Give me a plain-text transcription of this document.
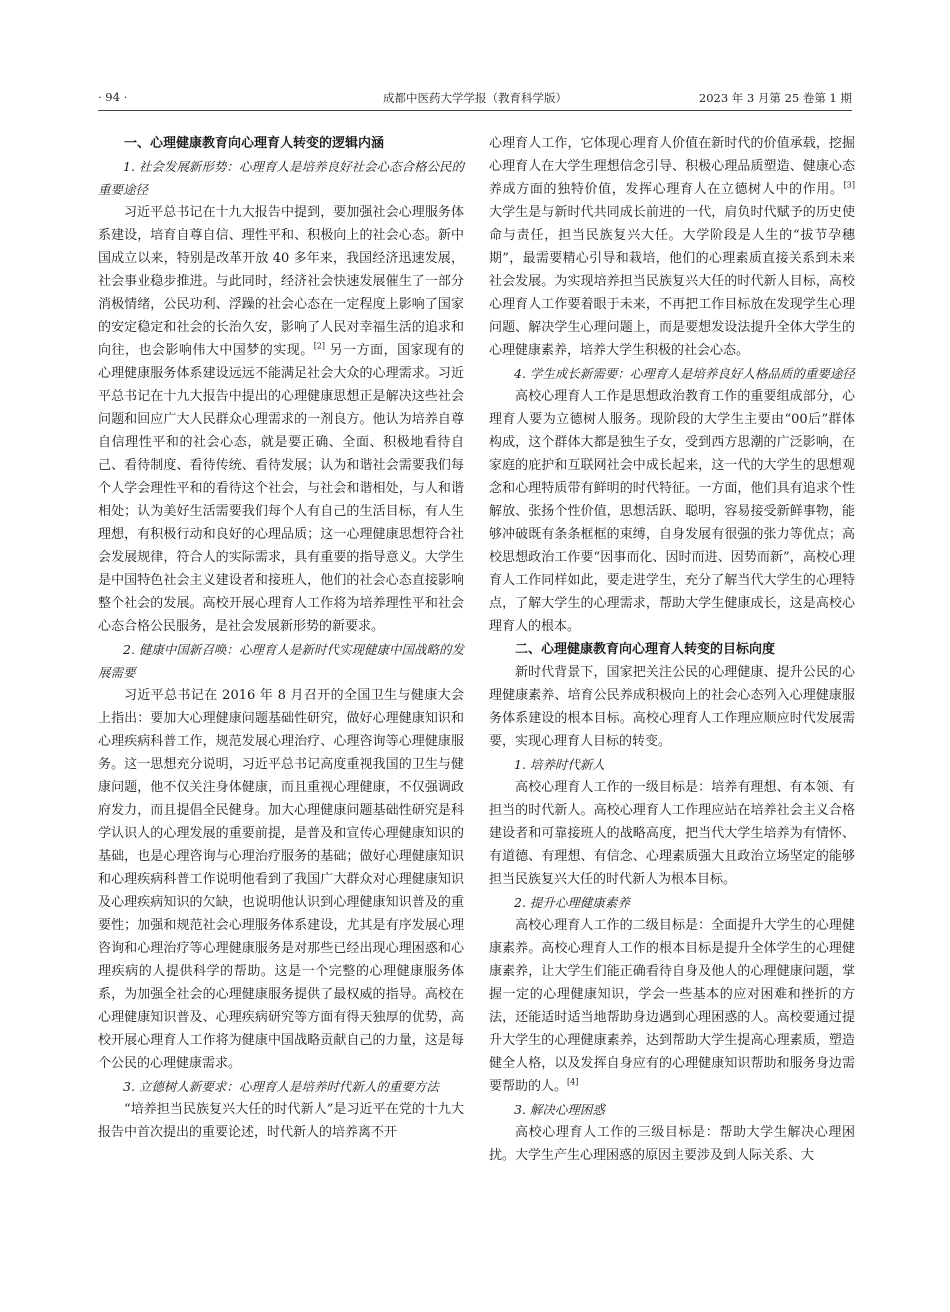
· 94 ·	成都中医药大学学报（教育科学版）	2023 年 3 月第 25 卷第 1 期
一、心理健康教育向心理育人转变的逻辑内涵
1. 社会发展新形势：心理育人是培养良好社会心态合格公民的重要途径

习近平总书记在十九大报告中提到，要加强社会心理服务体系建设，培育自尊自信、理性平和、积极向上的社会心态。新中国成立以来，特别是改革开放 40 多年来，我国经济迅速发展，社会事业稳步推进。与此同时，经济社会快速发展催生了一部分消极情绪，公民功利、浮躁的社会心态在一定程度上影响了国家的安定稳定和社会的长治久安，影响了人民对幸福生活的追求和向往，也会影响伟大中国梦的实现。[2] 另一方面，国家现有的心理健康服务体系建设远远不能满足社会大众的心理需求。习近平总书记在十九大报告中提出的心理健康思想正是解决这些社会问题和回应广大人民群众心理需求的一剂良方。他认为培养自尊自信理性平和的社会心态，就是要正确、全面、积极地看待自己、看待制度、看待传统、看待发展；认为和谐社会需要我们每个人学会理性平和的看待这个社会，与社会和谐相处，与人和谐相处；认为美好生活需要我们每个人有自己的生活目标，有人生理想，有积极行动和良好的心理品质；这一心理健康思想符合社会发展规律，符合人的实际需求，具有重要的指导意义。大学生是中国特色社会主义建设者和接班人，他们的社会心态直接影响整个社会的发展。高校开展心理育人工作将为培养理性平和社会心态合格公民服务，是社会发展新形势的新要求。

2. 健康中国新召唤：心理育人是新时代实现健康中国战略的发展需要

习近平总书记在 2016 年 8 月召开的全国卫生与健康大会上指出：要加大心理健康问题基础性研究，做好心理健康知识和心理疾病科普工作，规范发展心理治疗、心理咨询等心理健康服务。这一思想充分说明，习近平总书记高度重视我国的卫生与健康问题，他不仅关注身体健康，而且重视心理健康，不仅强调政府发力，而且提倡全民健身。加大心理健康问题基础性研究是科学认识人的心理发展的重要前提，是普及和宣传心理健康知识的基础，也是心理咨询与心理治疗服务的基础；做好心理健康知识和心理疾病科普工作说明他看到了我国广大群众对心理健康知识及心理疾病知识的欠缺，也说明他认识到心理健康知识普及的重要性；加强和规范社会心理服务体系建设，尤其是有序发展心理咨询和心理治疗等心理健康服务是对那些已经出现心理困惑和心理疾病的人提供科学的帮助。这是一个完整的心理健康服务体系，为加强全社会的心理健康服务提供了最权威的指导。高校在心理健康知识普及、心理疾病研究等方面有得天独厚的优势，高校开展心理育人工作将为健康中国战略贡献自己的力量，这是每个公民的心理健康需求。

3. 立德树人新要求：心理育人是培养时代新人的重要方法

“培养担当民族复兴大任的时代新人”是习近平在党的十九大报告中首次提出的重要论述，时代新人的培养离不开

心理育人工作，它体现心理育人价值在新时代的价值承载，挖掘心理育人在大学生理想信念引导、积极心理品质塑造、健康心态养成方面的独特价值，发挥心理育人在立德树人中的作用。[3] 大学生是与新时代共同成长前进的一代，肩负时代赋予的历史使命与责任，担当民族复兴大任。大学阶段是人生的“拔节孕穗期”，最需要精心引导和栽培，他们的心理素质直接关系到未来社会发展。为实现培养担当民族复兴大任的时代新人目标，高校心理育人工作要着眼于未来，不再把工作目标放在发现学生心理问题、解决学生心理问题上，而是要想发设法提升全体大学生的心理健康素养，培养大学生积极的社会心态。

4. 学生成长新需要：心理育人是培养良好人格品质的重要途径

高校心理育人工作是思想政治教育工作的重要组成部分，心理育人要为立德树人服务。现阶段的大学生主要由“00后”群体构成，这个群体大都是独生子女，受到西方思潮的广泛影响，在家庭的庇护和互联网社会中成长起来，这一代的大学生的思想观念和心理特质带有鲜明的时代特征。一方面，他们具有追求个性解放、张扬个性价值，思想活跃、聪明，容易接受新鲜事物，能够冲破既有条条框框的束缚，自身发展有很强的张力等优点；高校思想政治工作要“因事而化、因时而进、因势而新”，高校心理育人工作同样如此，要走进学生，充分了解当代大学生的心理特点，了解大学生的心理需求，帮助大学生健康成长，这是高校心理育人的根本。

二、心理健康教育向心理育人转变的目标向度

新时代背景下，国家把关注公民的心理健康、提升公民的心理健康素养、培育公民养成积极向上的社会心态列入心理健康服务体系建设的根本目标。高校心理育人工作理应顺应时代发展需要，实现心理育人目标的转变。

1. 培养时代新人

高校心理育人工作的一级目标是：培养有理想、有本领、有担当的时代新人。高校心理育人工作理应站在培养社会主义合格建设者和可靠接班人的战略高度，把当代大学生培养为有情怀、有道德、有理想、有信念、心理素质强大且政治立场坚定的能够担当民族复兴大任的时代新人为根本目标。

2. 提升心理健康素养

高校心理育人工作的二级目标是：全面提升大学生的心理健康素养。高校心理育人工作的根本目标是提升全体学生的心理健康素养，让大学生们能正确看待自身及他人的心理健康问题，掌握一定的心理健康知识，学会一些基本的应对困难和挫折的方法，还能适时适当地帮助身边遇到心理困惑的人。高校要通过提升大学生的心理健康素养，达到帮助大学生提高心理素质，塑造健全人格，以及发挥自身应有的心理健康知识帮助和服务身边需要帮助的人。[4]

3. 解决心理困惑

高校心理育人工作的三级目标是：帮助大学生解决心理困扰。大学生产生心理困惑的原因主要涉及到人际关系、大
